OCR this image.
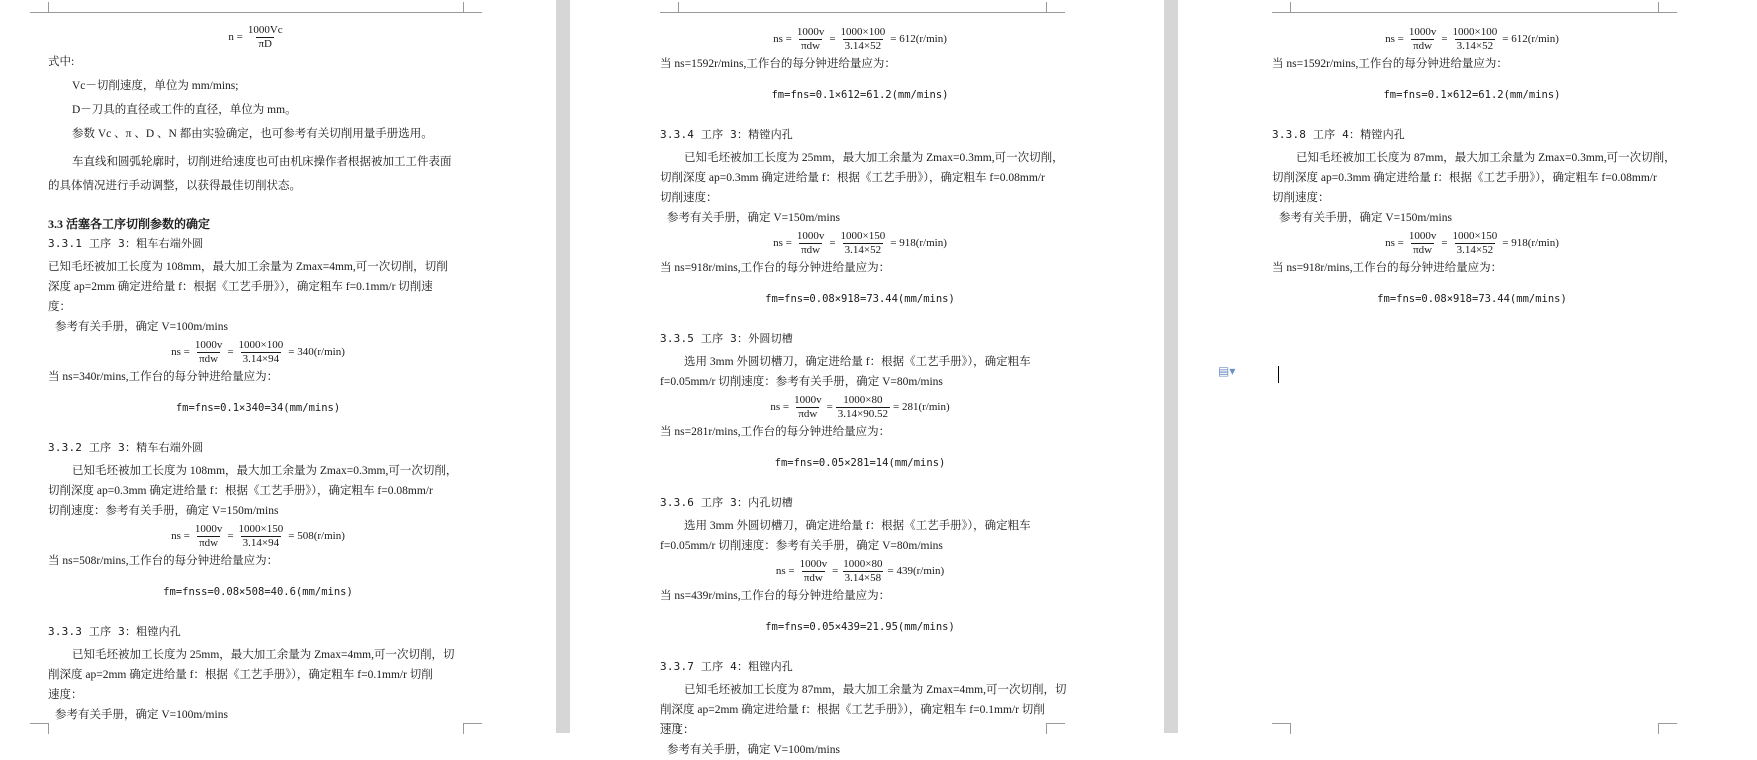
$n = \frac{1000Vc}{\pi D}$

式中:

Vc－切削速度，单位为 mm/mins;

D－刀具的直径或工件的直径，单位为 mm。

参数 Vc 、π 、D 、N 都由实验确定，也可参考有关切削用量手册选用。

车直线和圆弧轮廓时，切削进给速度也可由机床操作者根据被加工工件表面

的具体情况进行手动调整，以获得最佳切削状态。

3.3 活塞各工序切削参数的确定

3.3.1 工序 3：粗车右端外圆

已知毛坯被加工长度为 108mm，最大加工余量为 Zmax=4mm,可一次切削，切削

深度 ap=2mm 确定进给量 f：根据《工艺手册》），确定粗车 f=0.1mm/r 切削速

度：

参考有关手册，确定 V=100m/mins

ns = $\frac{1000v}{\text{πdw}} = \frac{1000\times 100}{3.14\times 94} = 340(r/\min)$

当 ns=340r/mins,工作台的每分钟进给量应为：

fm=fns=0.1×340=34(mm/mins)

3.3.2 工序 3：精车右端外圆

已知毛坯被加工长度为 108mm，最大加工余量为 Zmax=0.3mm,可一次切削，

切削深度 ap=0.3mm 确定进给量 f：根据《工艺手册》），确定粗车 f=0.08mm/r

切削速度：参考有关手册，确定 V=150m/mins

ns = $\frac{1000v}{\text{πdw}} = \frac{1000\times 150}{3.14\times 94} = 508(r/\min)$

当 ns=508r/mins,工作台的每分钟进给量应为：

fm=fnss=0.08×508=40.6(mm/mins)

3.3.3 工序 3：粗镗内孔

已知毛坯被加工长度为 25mm，最大加工余量为 Zmax=4mm,可一次切削，切

削深度 ap=2mm 确定进给量 f：根据《工艺手册》），确定粗车 f=0.1mm/r 切削

速度：

参考有关手册，确定 V=100m/mins

ns = $\frac{1000v}{\text{πdw}} = \frac{1000\times 100}{3.14\times 52} = 612(r/\min)$

当 ns=1592r/mins,工作台的每分钟进给量应为：

fm=fns=0.1×612=61.2(mm/mins)

3.3.4 工序 3：精镗内孔

已知毛坯被加工长度为 25mm，最大加工余量为 Zmax=0.3mm,可一次切削，

切削深度 ap=0.3mm 确定进给量 f：根据《工艺手册》），确定粗车 f=0.08mm/r

切削速度：

参考有关手册，确定 V=150m/mins

ns = $\frac{1000v}{\text{πdw}} = \frac{1000\times 150}{3.14\times 52} = 918(r/\min)$

当 ns=918r/mins,工作台的每分钟进给量应为：

fm=fns=0.08×918=73.44(mm/mins)

3.3.5 工序 3：外圆切槽

选用 3mm 外圆切槽刀，确定进给量 f：根据《工艺手册》），确定粗车

f=0.05mm/r 切削速度：参考有关手册，确定 V=80m/mins

ns = $\frac{1000v}{\text{πdw}} = \frac{1000\times 80}{3.14\times 90.52} = 281(r/\min)$

当 ns=281r/mins,工作台的每分钟进给量应为：

fm=fns=0.05×281=14(mm/mins)

3.3.6 工序 3：内孔切槽

选用 3mm 外圆切槽刀，确定进给量 f：根据《工艺手册》），确定粗车

f=0.05mm/r 切削速度：参考有关手册，确定 V=80m/mins

ns = $\frac{1000v}{\text{πdw}} = \frac{1000\times 80}{3.14\times 58} = 439(r/\min)$

当 ns=439r/mins,工作台的每分钟进给量应为：

fm=fns=0.05×439=21.95(mm/mins)

3.3.7 工序 4：粗镗内孔

已知毛坯被加工长度为 87mm，最大加工余量为 Zmax=4mm,可一次切削，切

削深度 ap=2mm 确定进给量 f：根据《工艺手册》），确定粗车 f=0.1mm/r 切削

速度：

参考有关手册，确定 V=100m/mins

ns = $\frac{1000v}{\text{πdw}} = \frac{1000\times 100}{3.14\times 52} = 612(r/\min)$

当 ns=1592r/mins,工作台的每分钟进给量应为：

fm=fns=0.1×612=61.2(mm/mins)

3.3.8 工序 4：精镗内孔

已知毛坯被加工长度为 87mm，最大加工余量为 Zmax=0.3mm,可一次切削，

切削深度 ap=0.3mm 确定进给量 f：根据《工艺手册》），确定粗车 f=0.08mm/r

切削速度：

参考有关手册，确定 V=150m/mins

ns = $\frac{1000v}{\text{πdw}} = \frac{1000\times 150}{3.14\times 52} = 918(r/\min)$

当 ns=918r/mins,工作台的每分钟进给量应为：

fm=fns=0.08×918=73.44(mm/mins)

▤▾
